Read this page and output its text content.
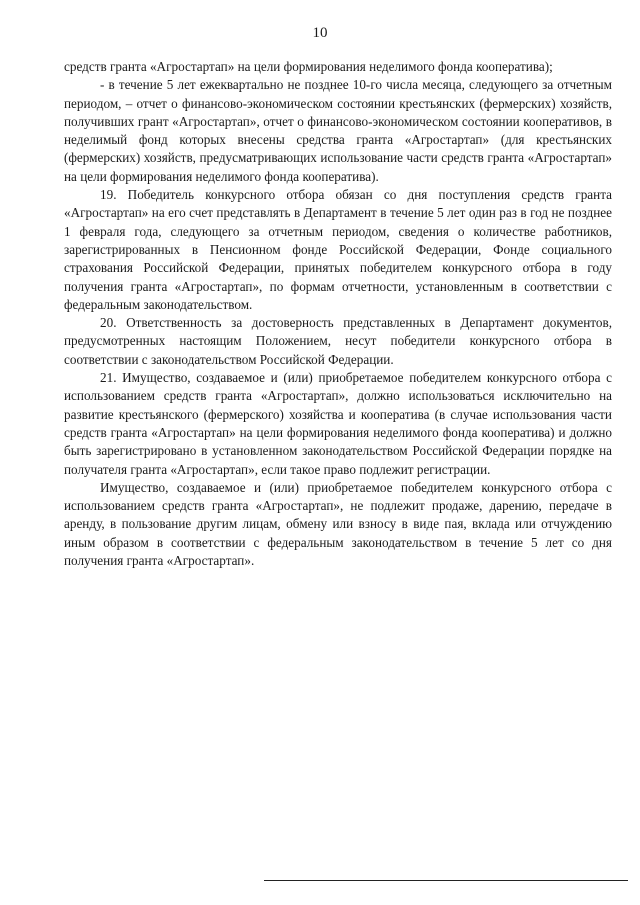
10

средств гранта «Агростартап» на цели формирования неделимого фонда кооператива);

- в течение 5 лет ежеквартально не позднее 10-го числа месяца, следующего за отчетным периодом, – отчет о финансово-экономическом состоянии крестьянских (фермерских) хозяйств, получивших грант «Агростартап», отчет о финансово-экономическом состоянии кооперативов, в неделимый фонд которых внесены средства гранта «Агростартап» (для крестьянских (фермерских) хозяйств, предусматривающих использование части средств гранта «Агростартап» на цели формирования неделимого фонда кооператива).

19. Победитель конкурсного отбора обязан со дня поступления средств гранта «Агростартап» на его счет представлять в Департамент в течение 5 лет один раз в год не позднее 1 февраля года, следующего за отчетным периодом, сведения о количестве работников, зарегистрированных в Пенсионном фонде Российской Федерации, Фонде социального страхования Российской Федерации, принятых победителем конкурсного отбора в году получения гранта «Агростартап», по формам отчетности, установленным в соответствии с федеральным законодательством.

20. Ответственность за достоверность представленных в Департамент документов, предусмотренных настоящим Положением, несут победители конкурсного отбора в соответствии с законодательством Российской Федерации.

21. Имущество, создаваемое и (или) приобретаемое победителем конкурсного отбора с использованием средств гранта «Агростартап», должно использоваться исключительно на развитие крестьянского (фермерского) хозяйства и кооператива (в случае использования части средств гранта «Агростартап» на цели формирования неделимого фонда кооператива) и должно быть зарегистрировано в установленном законодательством Российской Федерации порядке на получателя гранта «Агростартап», если такое право подлежит регистрации.

Имущество, создаваемое и (или) приобретаемое победителем конкурсного отбора с использованием средств гранта «Агростартап», не подлежит продаже, дарению, передаче в аренду, в пользование другим лицам, обмену или взносу в виде пая, вклада или отчуждению иным образом в соответствии с федеральным законодательством в течение 5 лет со дня получения гранта «Агростартап».
